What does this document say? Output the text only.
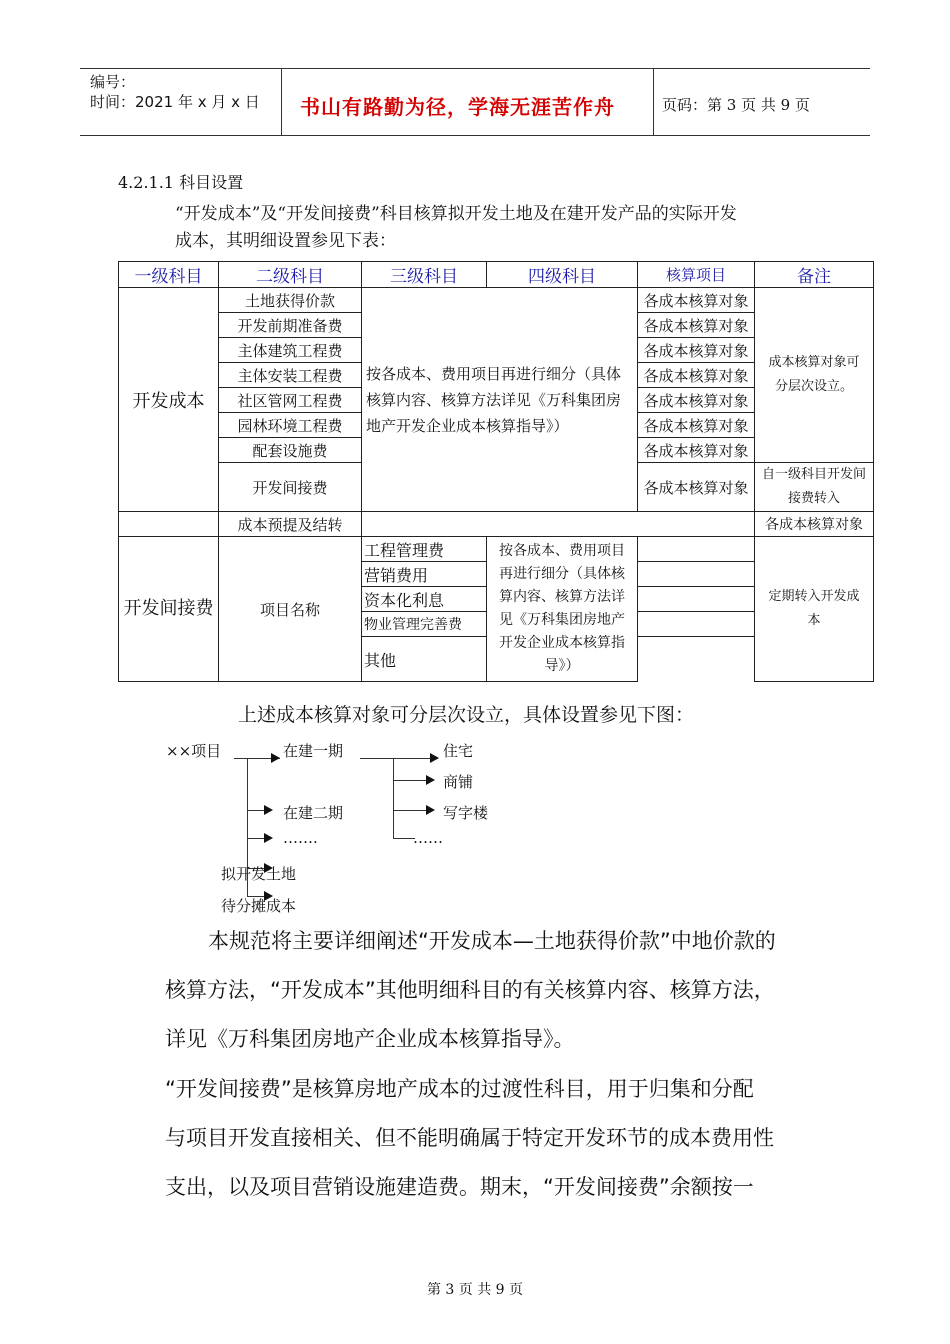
编号：
时间：2021 年 x 月 x 日 书山有路勤为径，学海无涯苦作舟	页码：第 3 页 共 9 页
4.2.1.1 科目设置
“开发成本”及“开发间接费”科目核算拟开发土地及在建开发产品的实际开发
成本，其明细设置参见下表：
一级科目	二级科目	三级科目	四级科目	核算项目	备注
开发成本	土地获得价款	按各成本、费用项目再进行细分（具体核算内容、核算方法详见《万科集团房地产开发企业成本核算指导》）		各成本核算对象	成本核算对象可分层次设立。
	开发前期准备费			各成本核算对象	
	主体建筑工程费			各成本核算对象	
	主体安装工程费			各成本核算对象	
	社区管网工程费			各成本核算对象	
	园林环境工程费			各成本核算对象	
	配套设施费			各成本核算对象	
	开发间接费			各成本核算对象	自一级科目开发间接费转入
	成本预提及结转				各成本核算对象
开发间接费	项目名称	工程管理费	按各成本、费用项目再进行细分（具体核算内容、核算方法详见《万科集团房地产开发企业成本核算指导》）		定期转入开发成本
		营销费用			
		资本化利息			
		物业管理完善费			
		其他			
上述成本核算对象可分层次设立，具体设置参见下图：
××项目	在建一期
在建二期
…….
拟开发土地
待分摊成本
住宅
商铺
写字楼
……
本规范将主要详细阐述“开发成本—土地获得价款”中地价款的
核算方法，“开发成本”其他明细科目的有关核算内容、核算方法，
详见《万科集团房地产企业成本核算指导》。
“开发间接费”是核算房地产成本的过渡性科目，用于归集和分配
与项目开发直接相关、但不能明确属于特定开发环节的成本费用性
支出，以及项目营销设施建造费。期末，“开发间接费”余额按一
第 3 页 共 9 页
